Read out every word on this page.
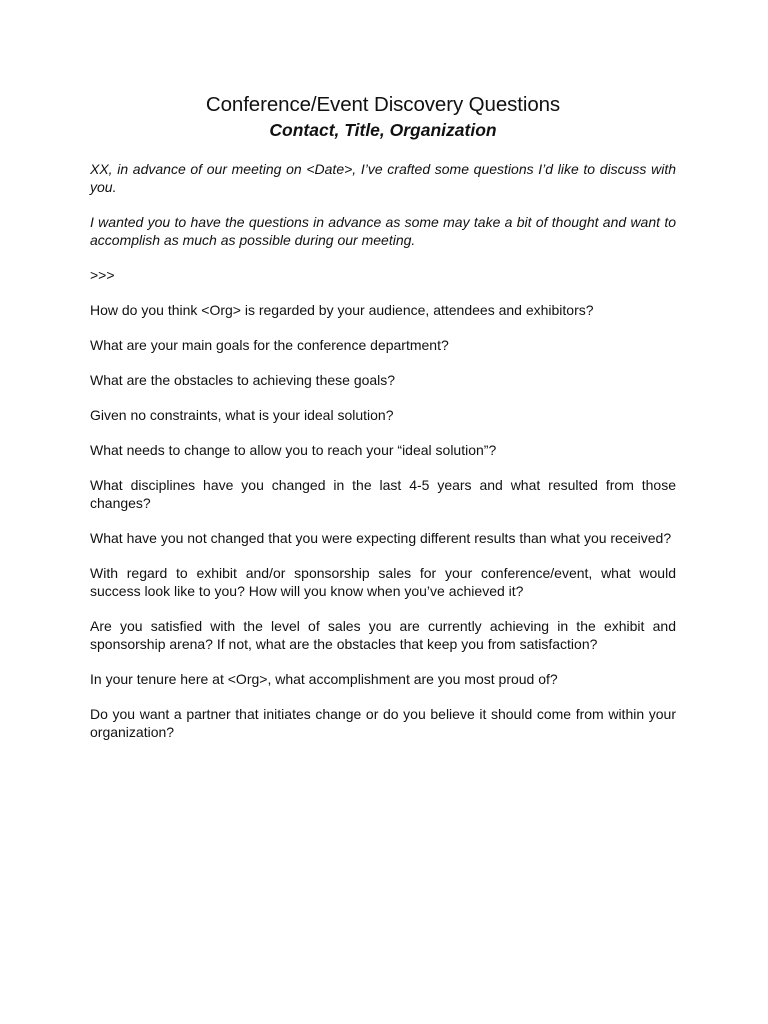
Conference/Event Discovery Questions
Contact, Title, Organization

XX, in advance of our meeting on <Date>, I’ve crafted some questions I’d like to discuss with you.

I wanted you to have the questions in advance as some may take a bit of thought and want to accomplish as much as possible during our meeting.

>>>

How do you think <Org> is regarded by your audience, attendees and exhibitors?

What are your main goals for the conference department?

What are the obstacles to achieving these goals?

Given no constraints, what is your ideal solution?

What needs to change to allow you to reach your “ideal solution”?

What disciplines have you changed in the last 4-5 years and what resulted from those changes?

What have you not changed that you were expecting different results than what you received?

With regard to exhibit and/or sponsorship sales for your conference/event, what would success look like to you? How will you know when you’ve achieved it?

Are you satisfied with the level of sales you are currently achieving in the exhibit and sponsorship arena? If not, what are the obstacles that keep you from satisfaction?

In your tenure here at <Org>, what accomplishment are you most proud of?

Do you want a partner that initiates change or do you believe it should come from within your organization?
